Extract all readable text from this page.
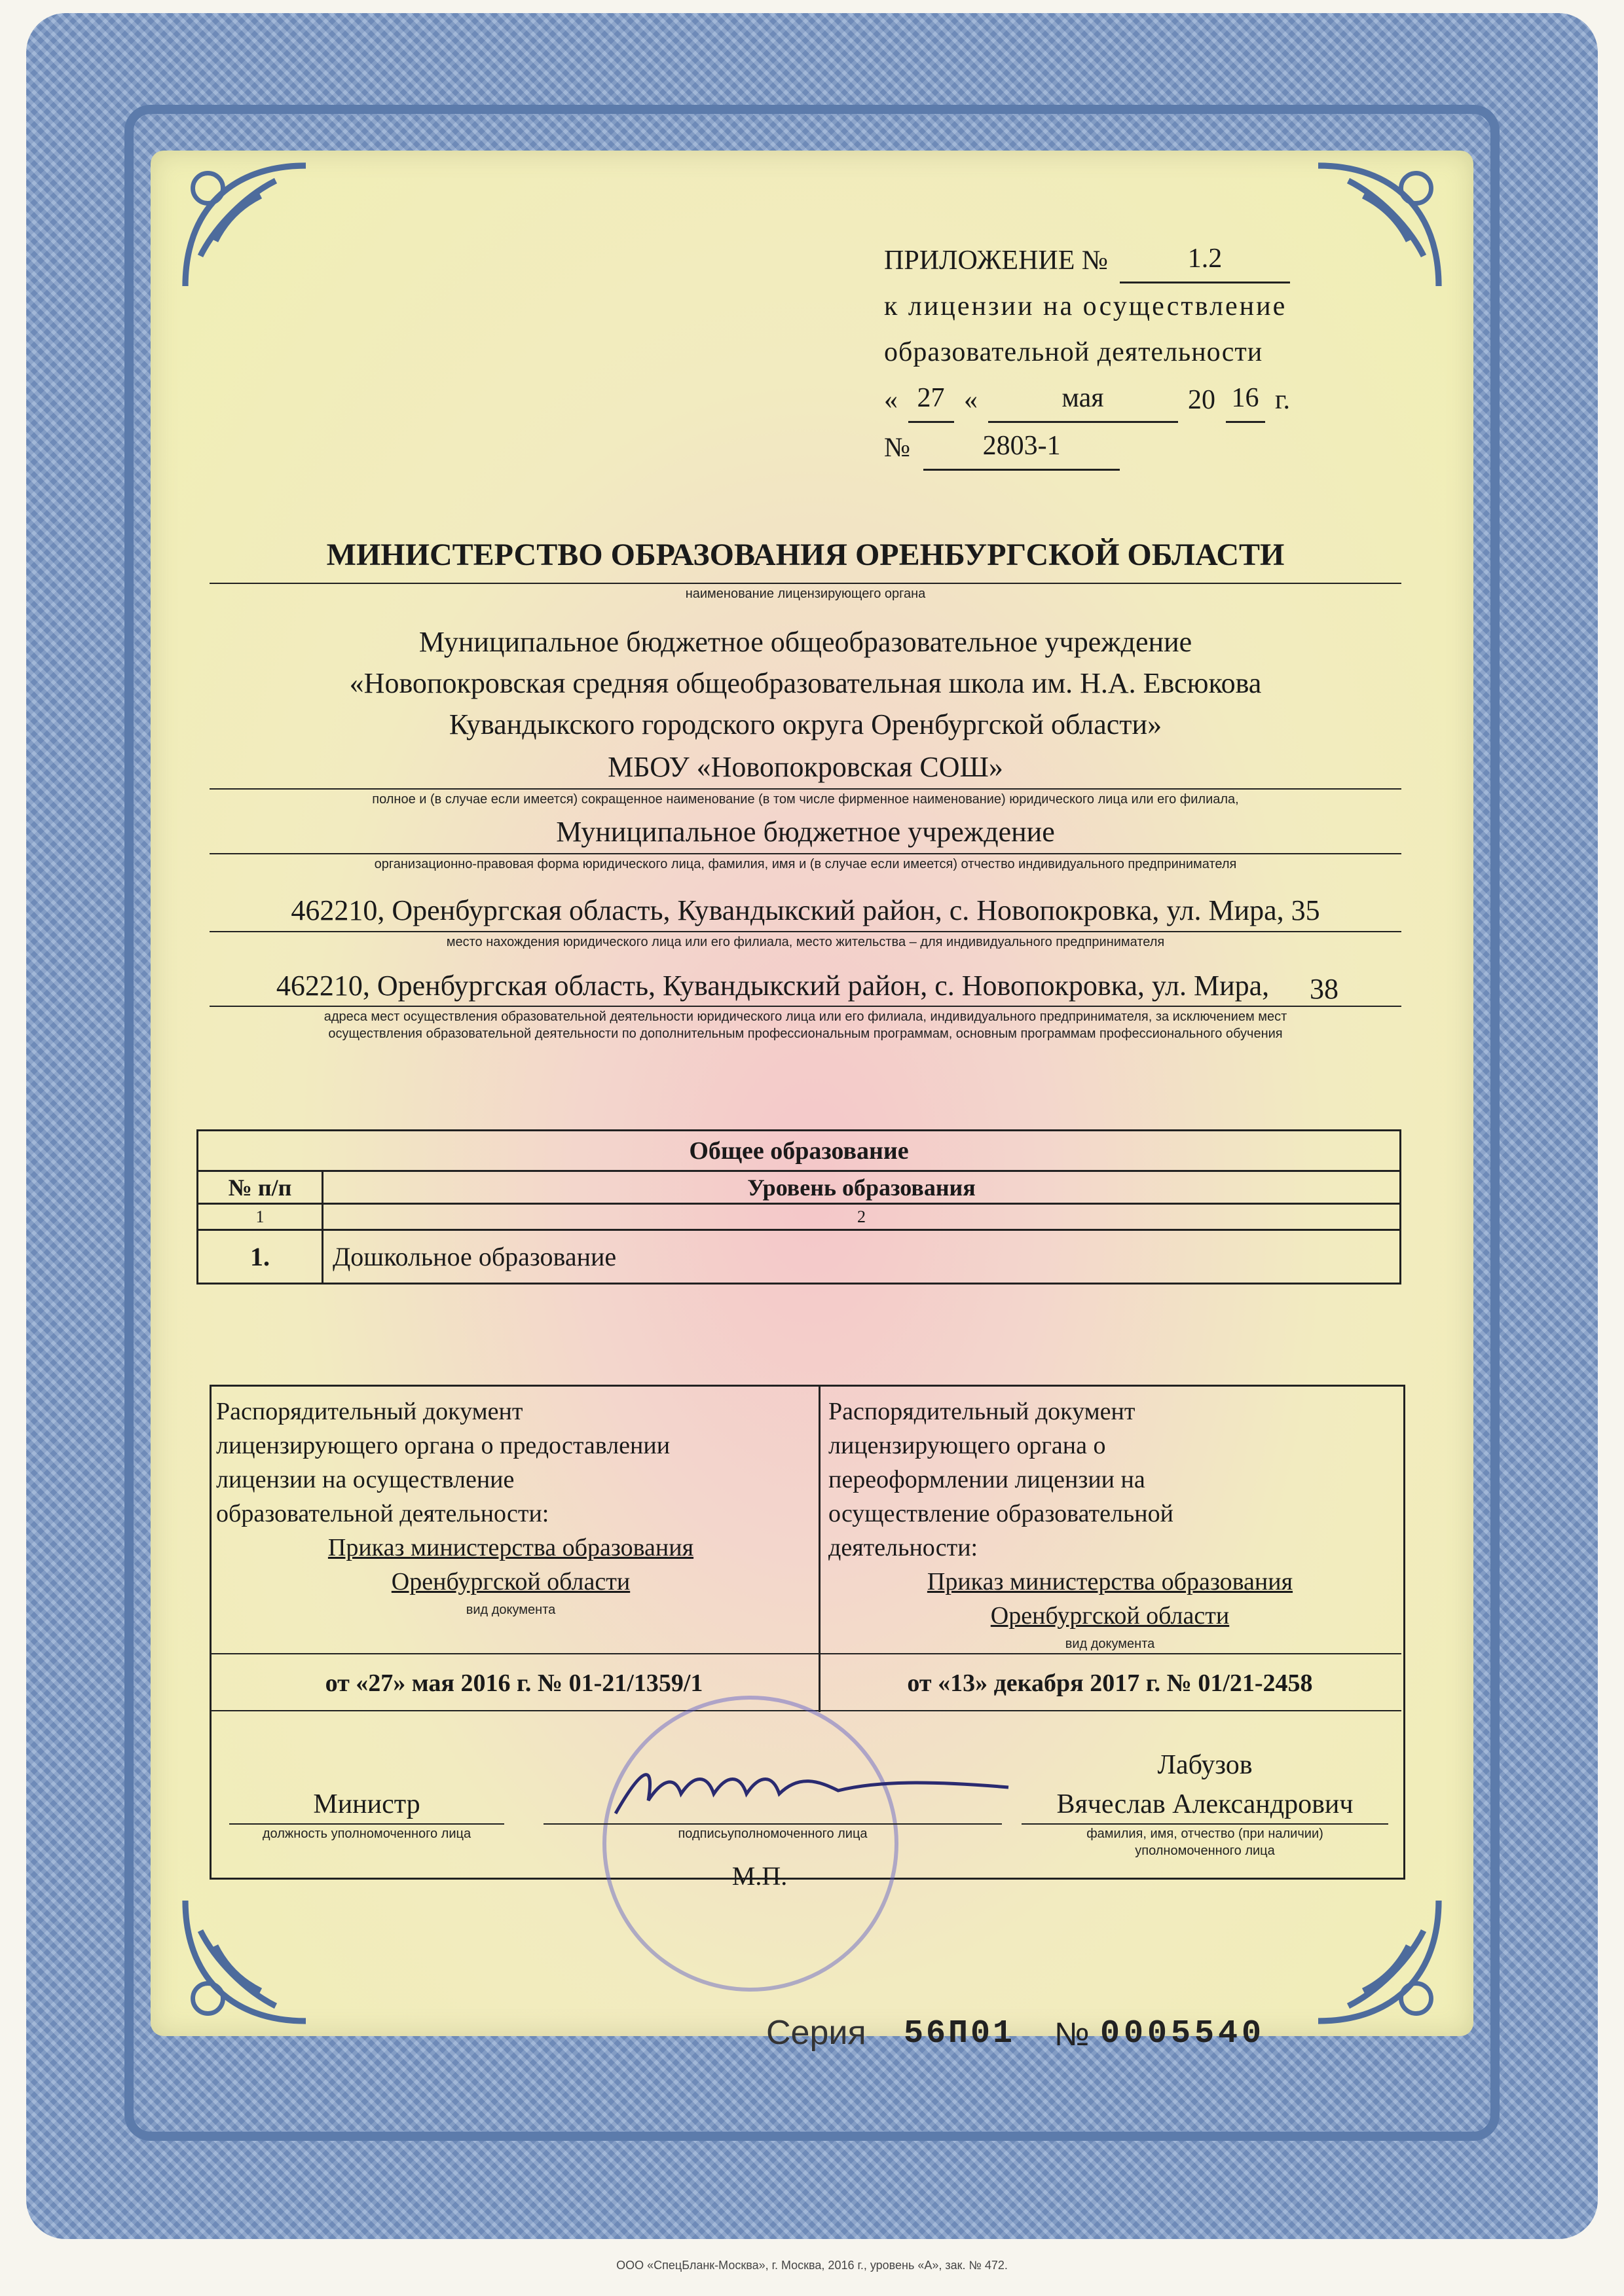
ПРИЛОЖЕНИЕ №	1.2
к лицензии на осуществление
образовательной деятельности
« 27 «	мая	20 16 г.
№	2803-1
МИНИСТЕРСТВО ОБРАЗОВАНИЯ ОРЕНБУРГСКОЙ ОБЛАСТИ
наименование лицензирующего органа
Муниципальное бюджетное общеобразовательное учреждение
«Новопокровская средняя общеобразовательная школа им. Н.А. Евсюкова
Кувандыкского городского округа Оренбургской области»
МБОУ «Новопокровская СОШ»
полное и (в случае если имеется) сокращенное наименование (в том числе фирменное наименование) юридического лица или его филиала,
Муниципальное бюджетное учреждение
организационно-правовая форма юридического лица, фамилия, имя и (в случае если имеется) отчество индивидуального предпринимателя
462210, Оренбургская область, Кувандыкский район, с. Новопокровка, ул. Мира, 35
место нахождения юридического лица или его филиала, место жительства – для индивидуального предпринимателя
462210, Оренбургская область, Кувандыкский район, с. Новопокровка, ул. Мира,	38
адреса мест осуществления образовательной деятельности юридического лица или его филиала, индивидуального предпринимателя, за исключением мест
осуществления образовательной деятельности по дополнительным профессиональным программам, основным программам профессионального обучения
Общее образование	
№ п/п	Уровень образования
1	2
1.	Дошкольное образование
Распорядительный документ
лицензирующего органа о предоставлении
лицензии на осуществление
образовательной деятельности:
Приказ министерства образования
Оренбургской области
вид документа
Распорядительный документ
лицензирующего органа о
переоформлении лицензии на
осуществление образовательной
деятельности:
Приказ министерства образования
Оренбургской области
вид документа
от «27» мая 2016 г. № 01-21/1359/1	от «13» декабря 2017 г. № 01/21-2458
Министр
должность уполномоченного лица	подписьуполномоченного лица
Лабузов
Вячеслав Александрович
фамилия, имя, отчество (при наличии)
уполномоченного лица
М.П.
Серия 56П01 № 0005540
ООО «СпецБланк-Москва», г. Москва, 2016 г., уровень «А», зак. № 472.
